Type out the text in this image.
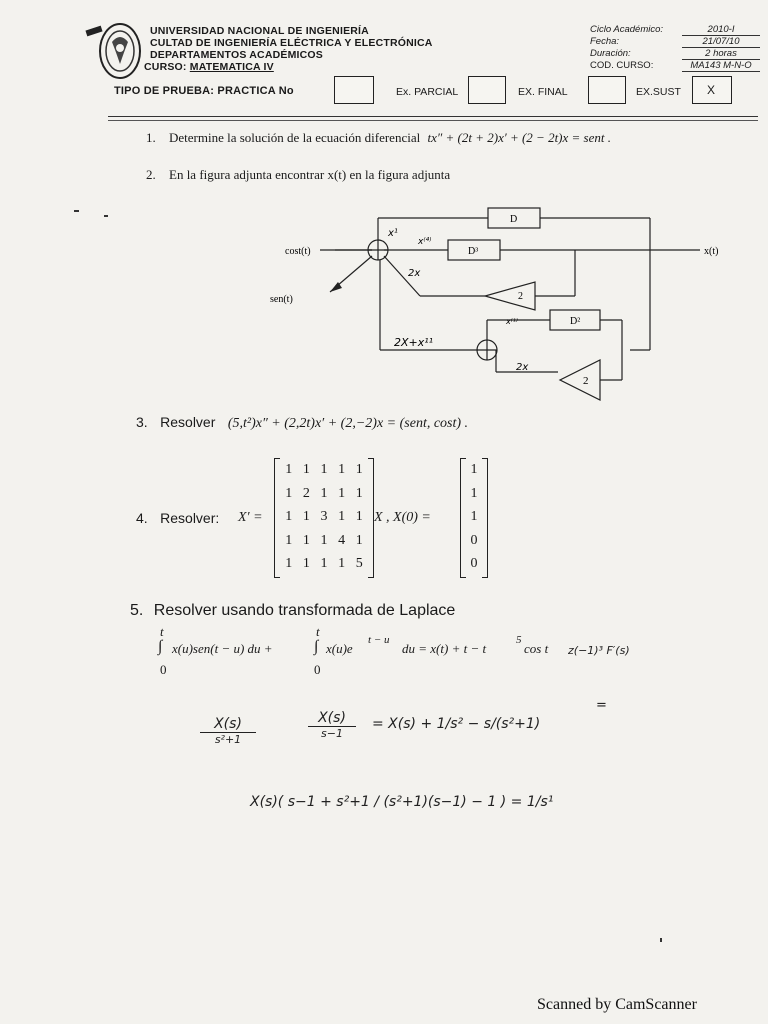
UNIVERSIDAD NACIONAL DE INGENIERÍA
CULTAD DE INGENIERÍA ELÉCTRICA Y ELECTRÓNICA
DEPARTAMENTOS ACADÉMICOS
CURSO: MATEMATICA IV
Ciclo Académico:	2010-I
Fecha:	21/07/10
Duración:	2 horas
COD. CURSO:	MA143 M-N-O
TIPO DE PRUEBA: PRACTICA No	Ex. PARCIAL	EX. FINAL	EX.SUST X
1. Determine la solución de la ecuación diferencial tx″ + (2t + 2)x′ + (2 − 2t)x = sent .
2. En la figura adjunta encontrar x(t) en la figura adjunta
cost(t)
sen(t)
x(t)
D
D³
D²
2
2
x¹
x⁽⁴⁾
2x
x⁽¹⁾
2X+x¹¹
2x
3. Resolver (5,t²)x″ + (2,2t)x′ + (2,−2)x = (sent, cost) .
4. Resolver: X′ =
1 1 1 1 1
1 2 1 1 1
1 1 3 1 1
1 1 1 4 1
1 1 1 1 5
X , X(0) =
1
1
1
0
0
5. Resolver usando transformada de Laplace
t
∫
0
x(u)sen(t − u) du +
t
∫
0
x(u)e
t − u
du = x(t) + t − t
5
cos t z(−1)³ F′(s)
X(s)
s²+1
X(s)
s−1
= X(s) + 1/s² − s/(s²+1)
=
X(s)( s−1 + s²+1 / (s²+1)(s−1) − 1 ) = 1/s¹
Scanned by CamScanner
